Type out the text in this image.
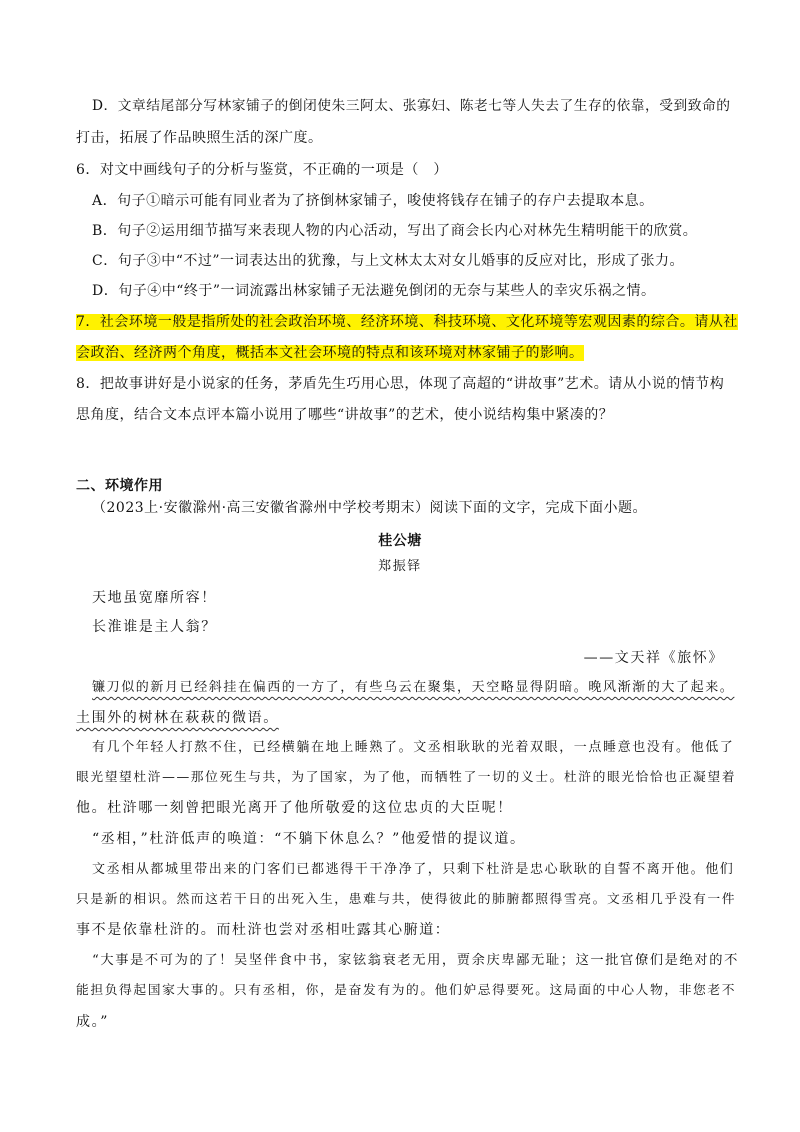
D．文章结尾部分写林家铺子的倒闭使朱三阿太、张寡妇、陈老七等人失去了生存的依靠，受到致命的
打击，拓展了作品映照生活的深广度。
6．对文中画线句子的分析与鉴赏，不正确的一项是（　）
A．句子①暗示可能有同业者为了挤倒林家铺子，唆使将钱存在铺子的存户去提取本息。
B．句子②运用细节描写来表现人物的内心活动，写出了商会长内心对林先生精明能干的欣赏。
C．句子③中“不过”一词表达出的犹豫，与上文林太太对女儿婚事的反应对比，形成了张力。
D．句子④中“终于”一词流露出林家铺子无法避免倒闭的无奈与某些人的幸灾乐祸之情。
7．社会环境一般是指所处的社会政治环境、经济环境、科技环境、文化环境等宏观因素的综合。请从社
会政治、经济两个角度，概括本文社会环境的特点和该环境对林家铺子的影响。
8．把故事讲好是小说家的任务，茅盾先生巧用心思，体现了高超的“讲故事”艺术。请从小说的情节构
思角度，结合文本点评本篇小说用了哪些“讲故事”的艺术，使小说结构集中紧凑的？
二、环境作用
（2023上·安徽滁州·高三安徽省滁州中学校考期末）阅读下面的文字，完成下面小题。
桂公塘
郑振铎
天地虽宽靡所容！
长淮谁是主人翁？
——文天祥《旅怀》
镰刀似的新月已经斜挂在偏西的一方了，有些乌云在聚集，天空略显得阴暗。晚风渐渐的大了起来。
土围外的树林在萩萩的微语。
有几个年轻人打熬不住，已经横躺在地上睡熟了。文丞相耿耿的光着双眼，一点睡意也没有。他低了
眼光望望杜浒——那位死生与共，为了国家，为了他，而牺牲了一切的义士。杜浒的眼光恰恰也正凝望着
他。杜浒哪一刻曾把眼光离开了他所敬爱的这位忠贞的大臣呢！
“丞相，”杜浒低声的唤道：“不躺下休息么？”他爱惜的提议道。
文丞相从都城里带出来的门客们已都逃得干干净净了，只剩下杜浒是忠心耿耿的自誓不离开他。他们
只是新的相识。然而这若干日的出死入生，患难与共，使得彼此的肺腑都照得雪亮。文丞相几乎没有一件
事不是依靠杜浒的。而杜浒也尝对丞相吐露其心腑道：
“大事是不可为的了！吴坚伴食中书，家铉翁衰老无用，贾余庆卑鄙无耻；这一批官僚们是绝对的不
能担负得起国家大事的。只有丞相，你，是奋发有为的。他们妒忌得要死。这局面的中心人物，非您老不
成。”
